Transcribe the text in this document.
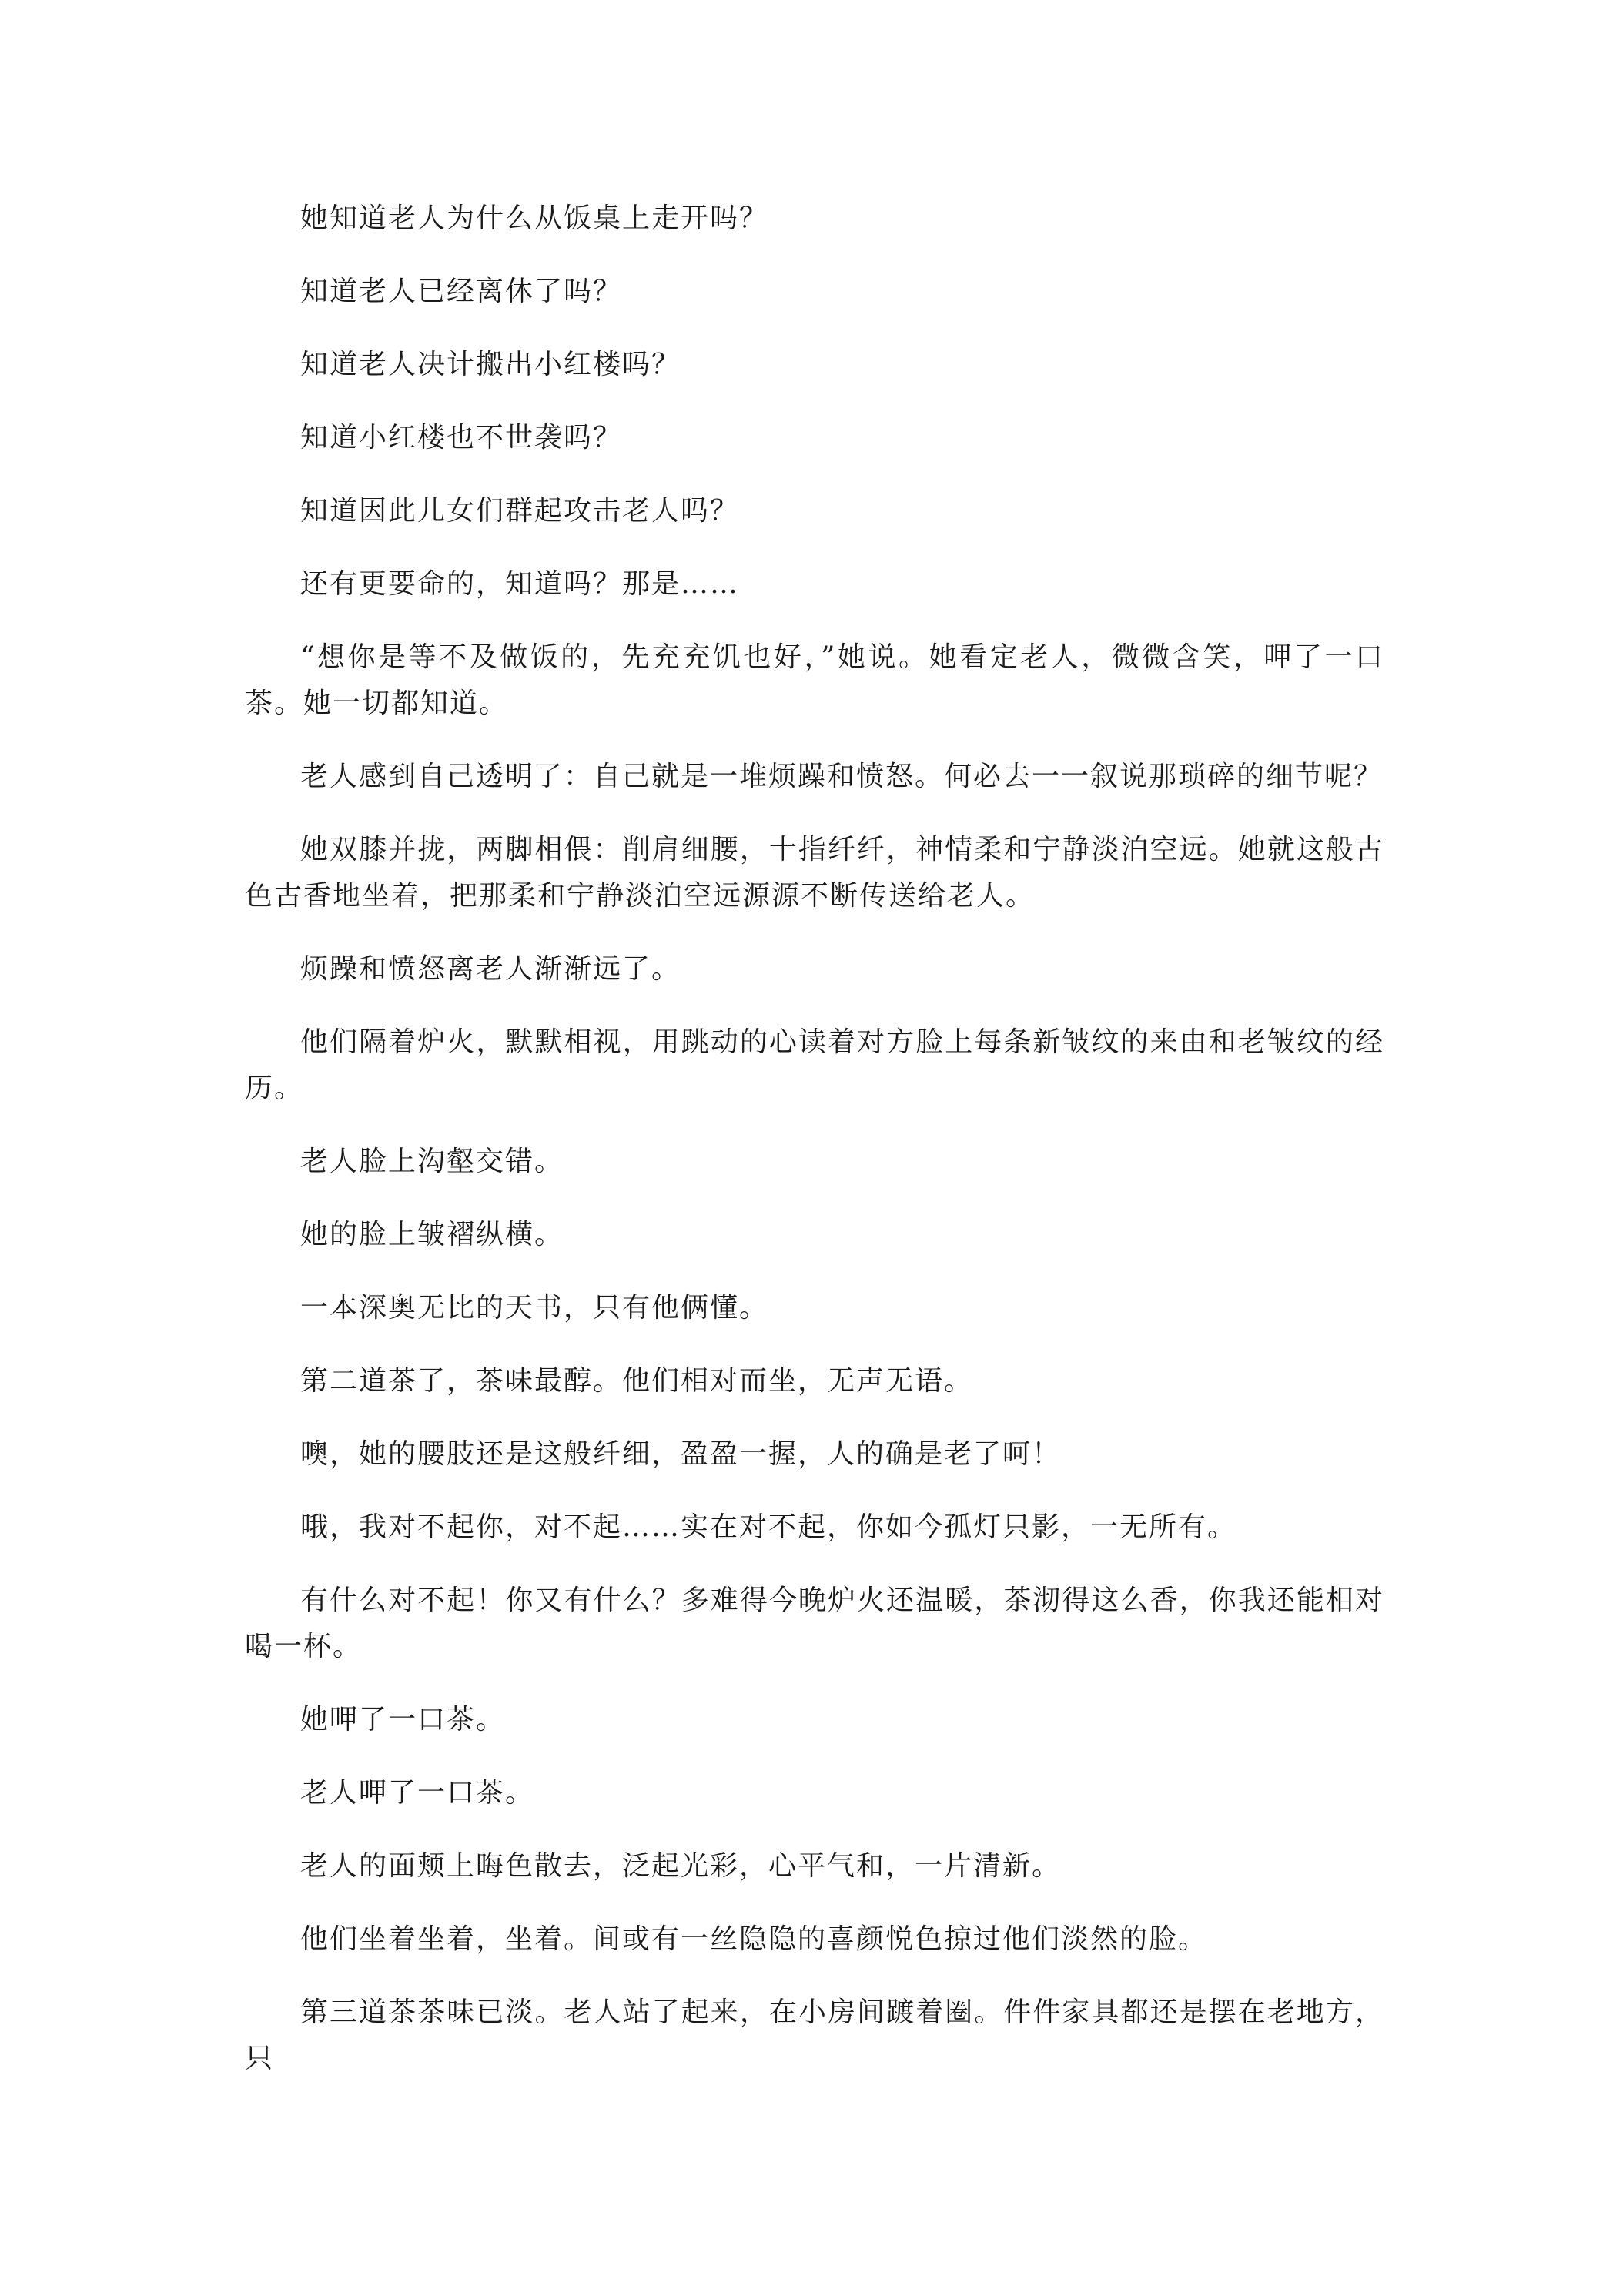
她知道老人为什么从饭桌上走开吗？

知道老人已经离休了吗？

知道老人决计搬出小红楼吗？

知道小红楼也不世袭吗？

知道因此儿女们群起攻击老人吗？

还有更要命的，知道吗？那是……

“想你是等不及做饭的，先充充饥也好，”她说。她看定老人，微微含笑，呷了一口茶。她一切都知道。

老人感到自己透明了：自己就是一堆烦躁和愤怒。何必去一一叙说那琐碎的细节呢？

她双膝并拢，两脚相偎：削肩细腰，十指纤纤，神情柔和宁静淡泊空远。她就这般古色古香地坐着，把那柔和宁静淡泊空远源源不断传送给老人。

烦躁和愤怒离老人渐渐远了。

他们隔着炉火，默默相视，用跳动的心读着对方脸上每条新皱纹的来由和老皱纹的经历。

老人脸上沟壑交错。

她的脸上皱褶纵横。

一本深奥无比的天书，只有他俩懂。

第二道茶了，茶味最醇。他们相对而坐，无声无语。

噢，她的腰肢还是这般纤细，盈盈一握，人的确是老了呵！

哦，我对不起你，对不起……实在对不起，你如今孤灯只影，一无所有。

有什么对不起！你又有什么？多难得今晚炉火还温暖，茶沏得这么香，你我还能相对喝一杯。

她呷了一口茶。

老人呷了一口茶。

老人的面颊上晦色散去，泛起光彩，心平气和，一片清新。

他们坐着坐着，坐着。间或有一丝隐隐的喜颜悦色掠过他们淡然的脸。

第三道茶茶味已淡。老人站了起来，在小房间踱着圈。件件家具都还是摆在老地方，只
